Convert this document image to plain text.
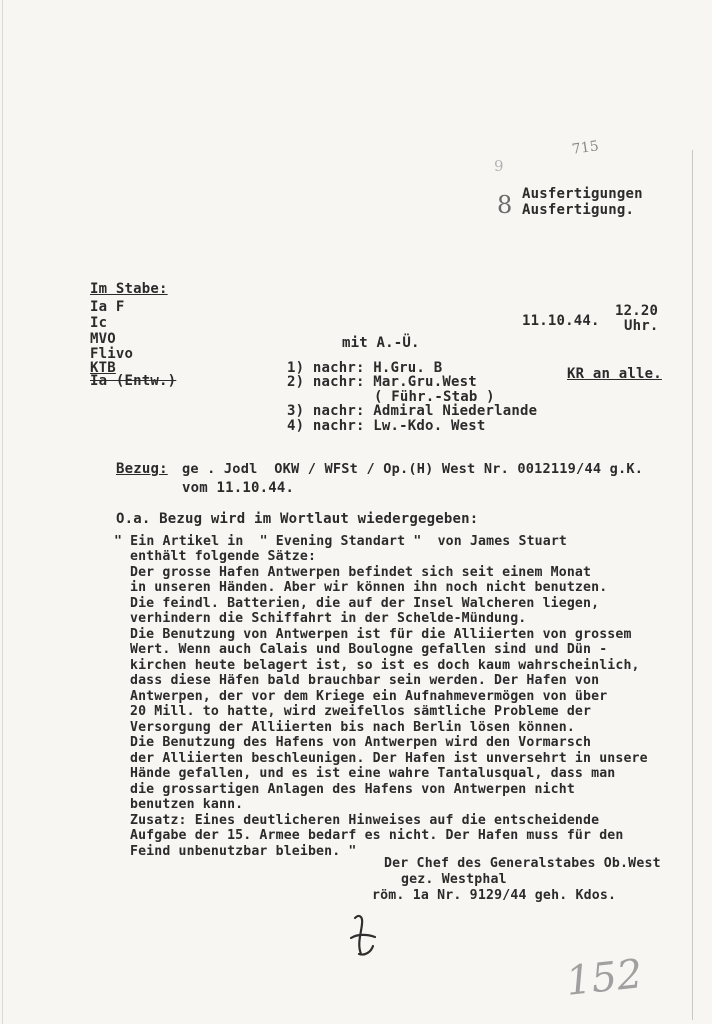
715
9
8 Ausfertigungen
Ausfertigung.
Im Stabe:
Ia F
Ic
MVO
Flivo
KTB
Ia (Entw.)
11.10.44.
12.20
Uhr.
mit A.-Ü.
1) nachr: H.Gru. B
2) nachr: Mar.Gru.West
( Führ.-Stab )
3) nachr: Admiral Niederlande
4) nachr: Lw.-Kdo. West
KR an alle.
Bezug: ge . Jodl  OKW / WFSt / Op.(H) West Nr. 0012119/44 g.K.
vom 11.10.44.
O.a. Bezug wird im Wortlaut wiedergegeben:
" Ein Artikel in  " Evening Standart "  von James Stuart
enthält folgende Sätze:
Der grosse Hafen Antwerpen befindet sich seit einem Monat
in unseren Händen. Aber wir können ihn noch nicht benutzen.
Die feindl. Batterien, die auf der Insel Walcheren liegen,
verhindern die Schiffahrt in der Schelde-Mündung.
Die Benutzung von Antwerpen ist für die Alliierten von grossem
Wert. Wenn auch Calais und Boulogne gefallen sind und Dün -
kirchen heute belagert ist, so ist es doch kaum wahrscheinlich,
dass diese Häfen bald brauchbar sein werden. Der Hafen von
Antwerpen, der vor dem Kriege ein Aufnahmevermögen von über
20 Mill. to hatte, wird zweifellos sämtliche Probleme der
Versorgung der Alliierten bis nach Berlin lösen können.
Die Benutzung des Hafens von Antwerpen wird den Vormarsch
der Alliierten beschleunigen. Der Hafen ist unversehrt in unsere
Hände gefallen, und es ist eine wahre Tantalusqual, dass man
die grossartigen Anlagen des Hafens von Antwerpen nicht
benutzen kann.
Zusatz: Eines deutlicheren Hinweises auf die entscheidende
Aufgabe der 15. Armee bedarf es nicht. Der Hafen muss für den
Feind unbenutzbar bleiben. "
Der Chef des Generalstabes Ob.West
gez. Westphal
röm. 1a Nr. 9129/44 geh. Kdos.
152
